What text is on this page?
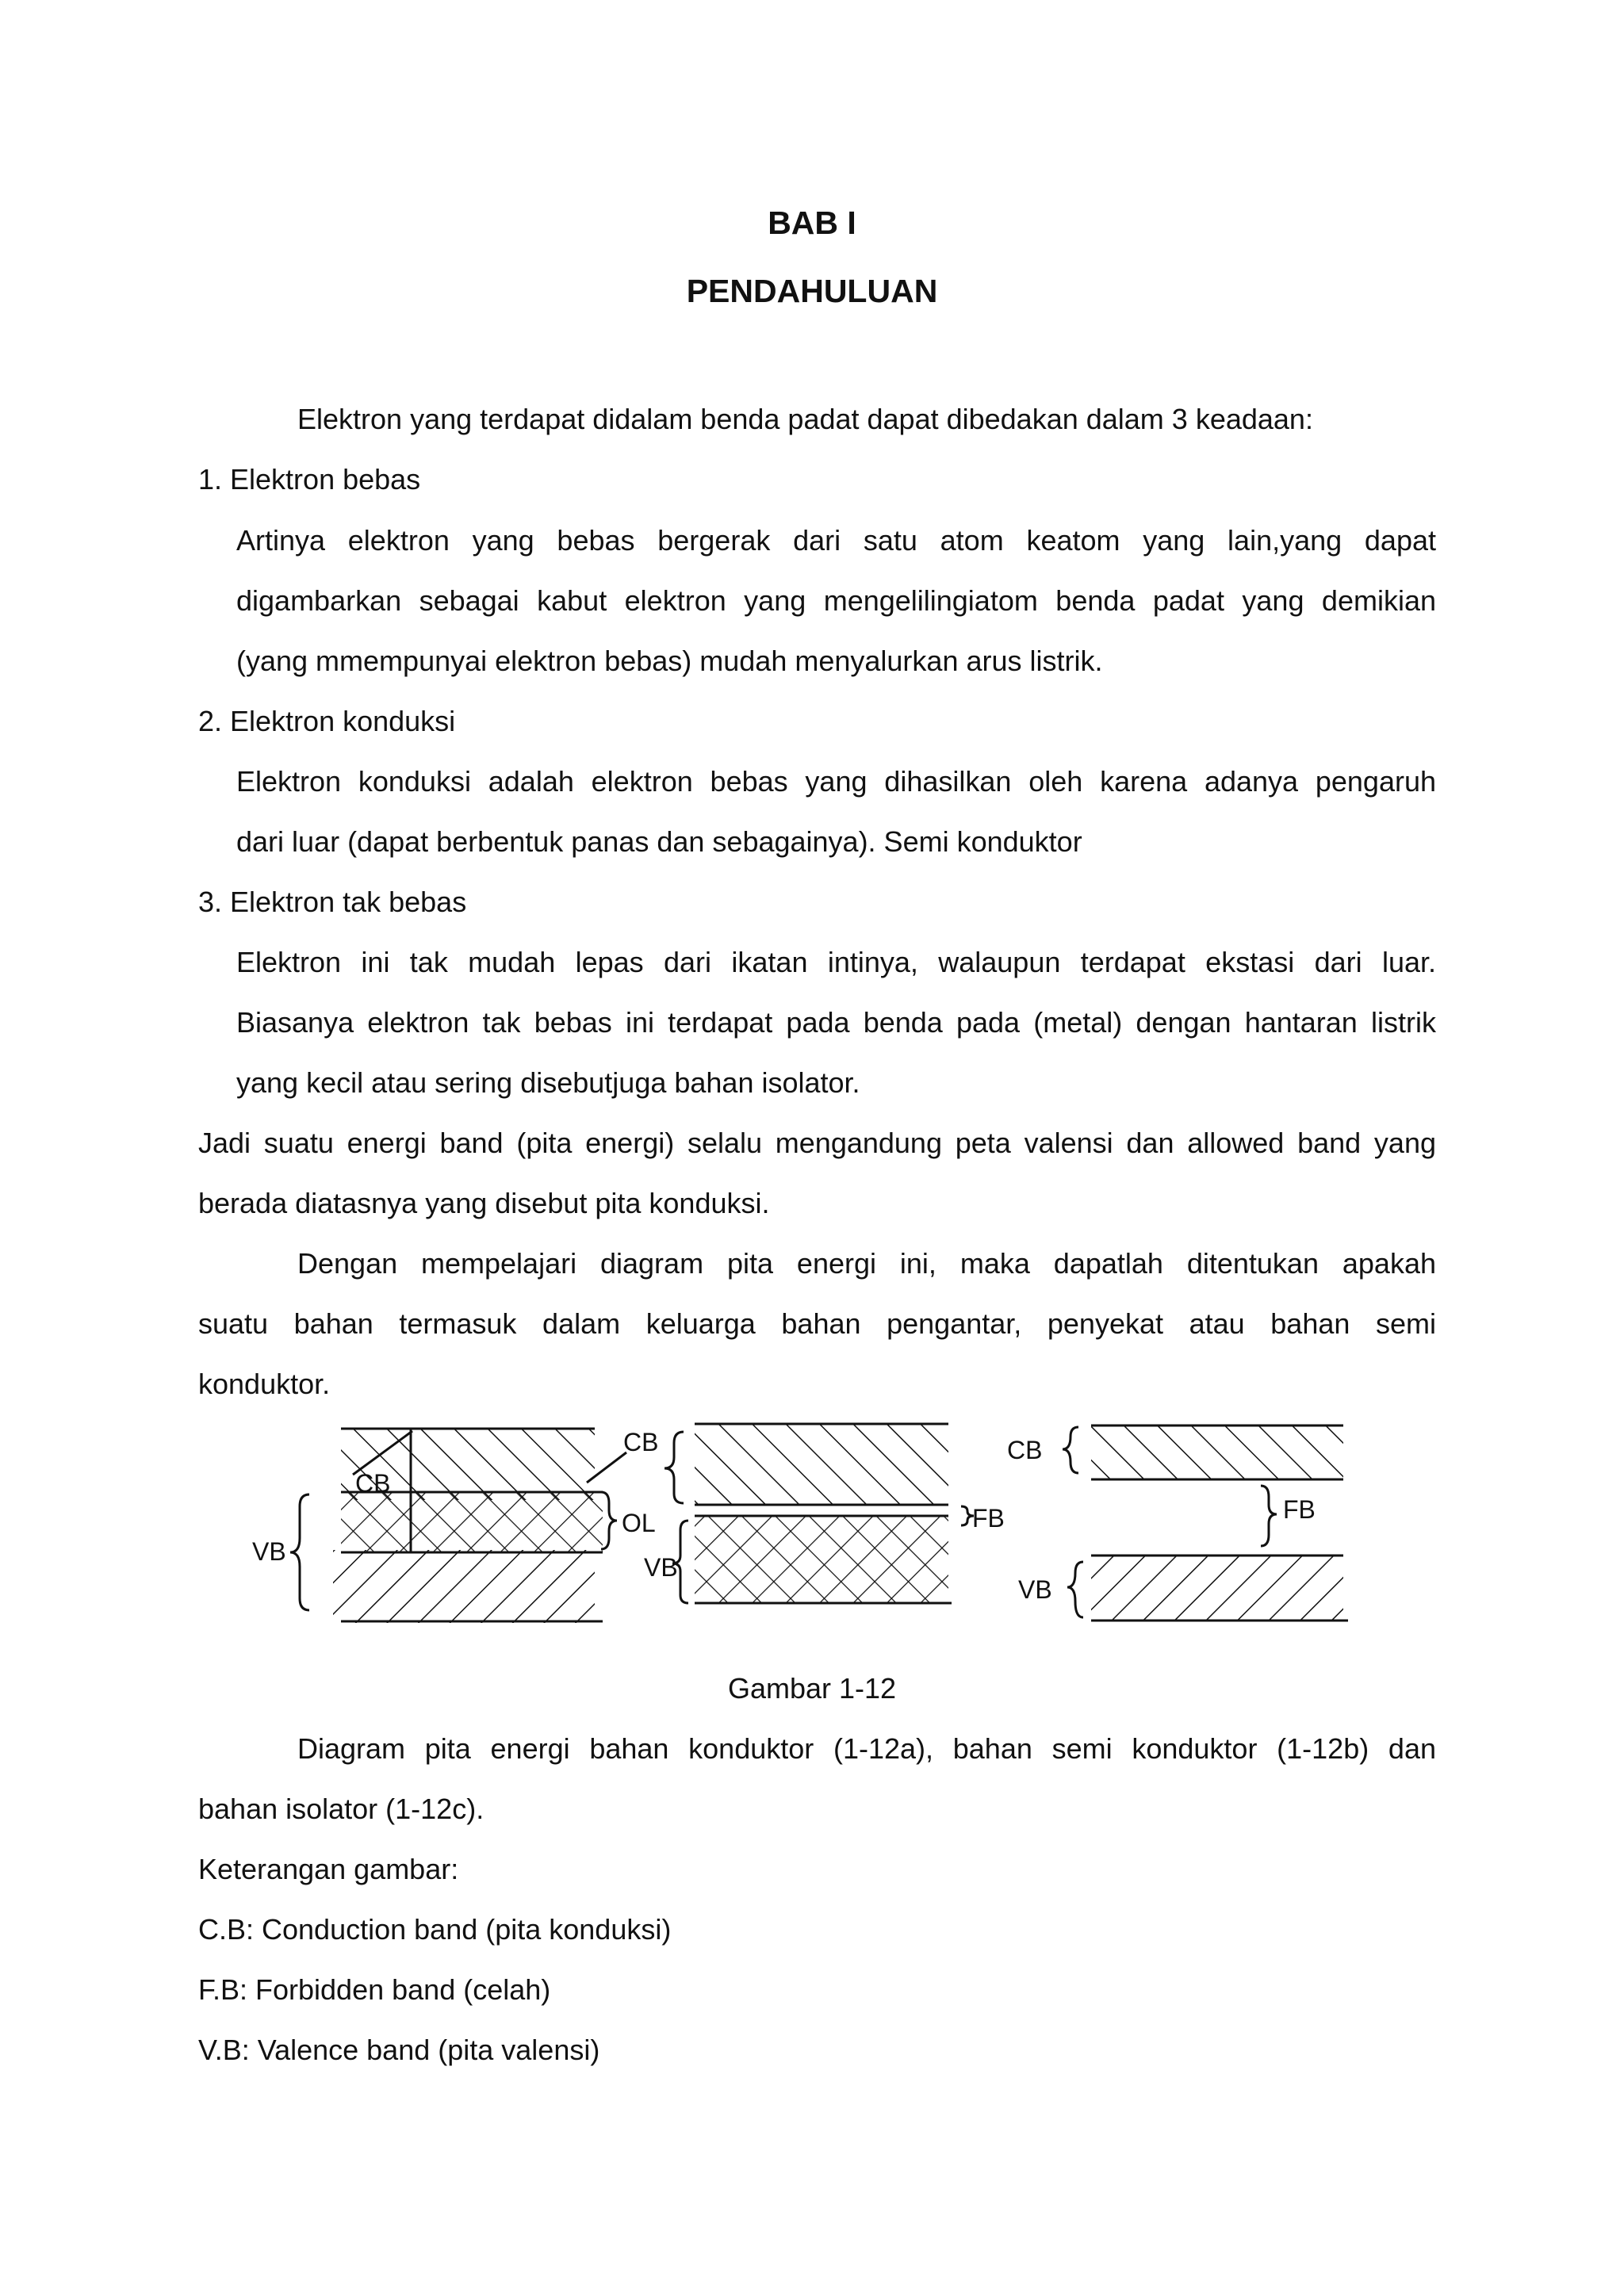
BAB I
PENDAHULUAN
Elektron yang terdapat didalam benda padat dapat dibedakan dalam 3 keadaan:
1. Elektron bebas
Artinya elektron yang bebas bergerak dari satu atom keatom yang lain,yang dapat
digambarkan sebagai kabut elektron yang mengelilingiatom benda padat yang demikian
(yang mmempunyai elektron bebas) mudah menyalurkan arus listrik.
2. Elektron konduksi
Elektron konduksi adalah elektron bebas yang dihasilkan oleh karena adanya pengaruh
dari luar (dapat berbentuk panas dan sebagainya). Semi konduktor
3. Elektron tak bebas
Elektron ini tak mudah lepas dari ikatan intinya, walaupun terdapat ekstasi dari luar.
Biasanya elektron tak bebas ini terdapat pada benda pada (metal) dengan hantaran listrik
yang kecil atau sering disebutjuga bahan isolator.
Jadi suatu energi band (pita energi) selalu mengandung peta valensi dan allowed band yang
berada diatasnya yang disebut pita konduksi.
Dengan mempelajari diagram pita energi ini, maka dapatlah ditentukan apakah
suatu bahan termasuk dalam keluarga bahan pengantar, penyekat atau bahan semi
konduktor.
CB
CB
OL
VB
FB
VB
CB
FB
VB
Gambar 1-12
Diagram pita energi bahan konduktor (1-12a), bahan semi konduktor (1-12b) dan
bahan isolator (1-12c).
Keterangan gambar:
C.B: Conduction band (pita konduksi)
F.B: Forbidden band (celah)
V.B: Valence band (pita valensi)
